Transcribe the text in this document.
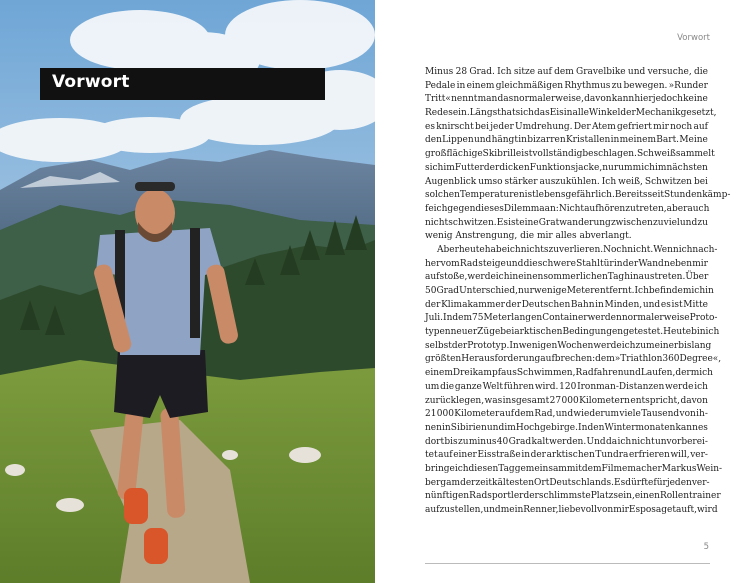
Vorwort
Vorwort
Minus 28 Grad. Ich sitze auf dem Gravelbike und versuche, die
Pedale in einem gleichmäßigen Rhythmus zu bewegen. »Runder
Tritt« nennt man das normalerweise, davon kann hier jedoch keine
Rede sein. Längst hat sich das Eis in alle Winkel der Mechanik gesetzt,
es knirscht bei jeder Umdrehung. Der Atem gefriert mir noch auf
den Lippen und hängt in bizarren Kristallen in meinem Bart. Meine
großflächige Skibrille ist vollständig beschlagen. Schweiß sammelt
sich im Futter der dicken Funktionsjacke, nur um mich im nächsten
Augenblick umso stärker auszukühlen. Ich weiß, Schwitzen bei
solchen Temperaturen ist lebensgefährlich. Bereits seit Stunden kämp-
fe ich gegen dieses Dilemma an: Nicht aufhören zu treten, aber auch
nicht schwitzen. Es ist eine Gratwanderung zwischen zu viel und zu
wenig Anstrengung, die mir alles abverlangt.
Aber heute habe ich nichts zu verlieren. Noch nicht. Wenn ich nach-
her vom Rad steige und die schwere Stahltür in der Wand neben mir
aufstoße, werde ich in einen sommerlichen Tag hinaustreten. Über
50 Grad Unterschied, nur wenige Meter entfernt. Ich befinde mich in
der Klimakammer der Deutschen Bahn in Minden, und es ist Mitte
Juli. In dem 75 Meter langen Container werden normalerweise Proto-
typen neuer Züge bei arktischen Bedingungen getestet. Heute bin ich
selbst der Prototyp. In wenigen Wochen werde ich zu meiner bislang
größten Herausforderung aufbrechen: dem »Triathlon 360 Degree«,
einem Dreikampf aus Schwimmen, Radfahren und Laufen, der mich
um die ganze Welt führen wird. 120 Ironman-Distanzen werde ich
zurücklegen, was insgesamt 27 000 Kilometern entspricht, davon
21 000 Kilometer auf dem Rad, und wiederum viele Tausend von ih-
nen in Sibirien und im Hochgebirge. In den Wintermonaten kann es
dort bis zu minus 40 Grad kalt werden. Und da ich nicht unvorberei-
tet auf einer Eisstraße in der arktischen Tundra erfrieren will, ver-
bringe ich diesen Tag gemeinsam mit dem Filmemacher Markus Wein-
berg am derzeit kältesten Ort Deutschlands. Es dürfte für jeden ver-
nünftigen Radsportler der schlimmste Platz sein, einen Rollentrainer
aufzustellen, und mein Renner, liebevoll von mir Esposa getauft, wird
5
